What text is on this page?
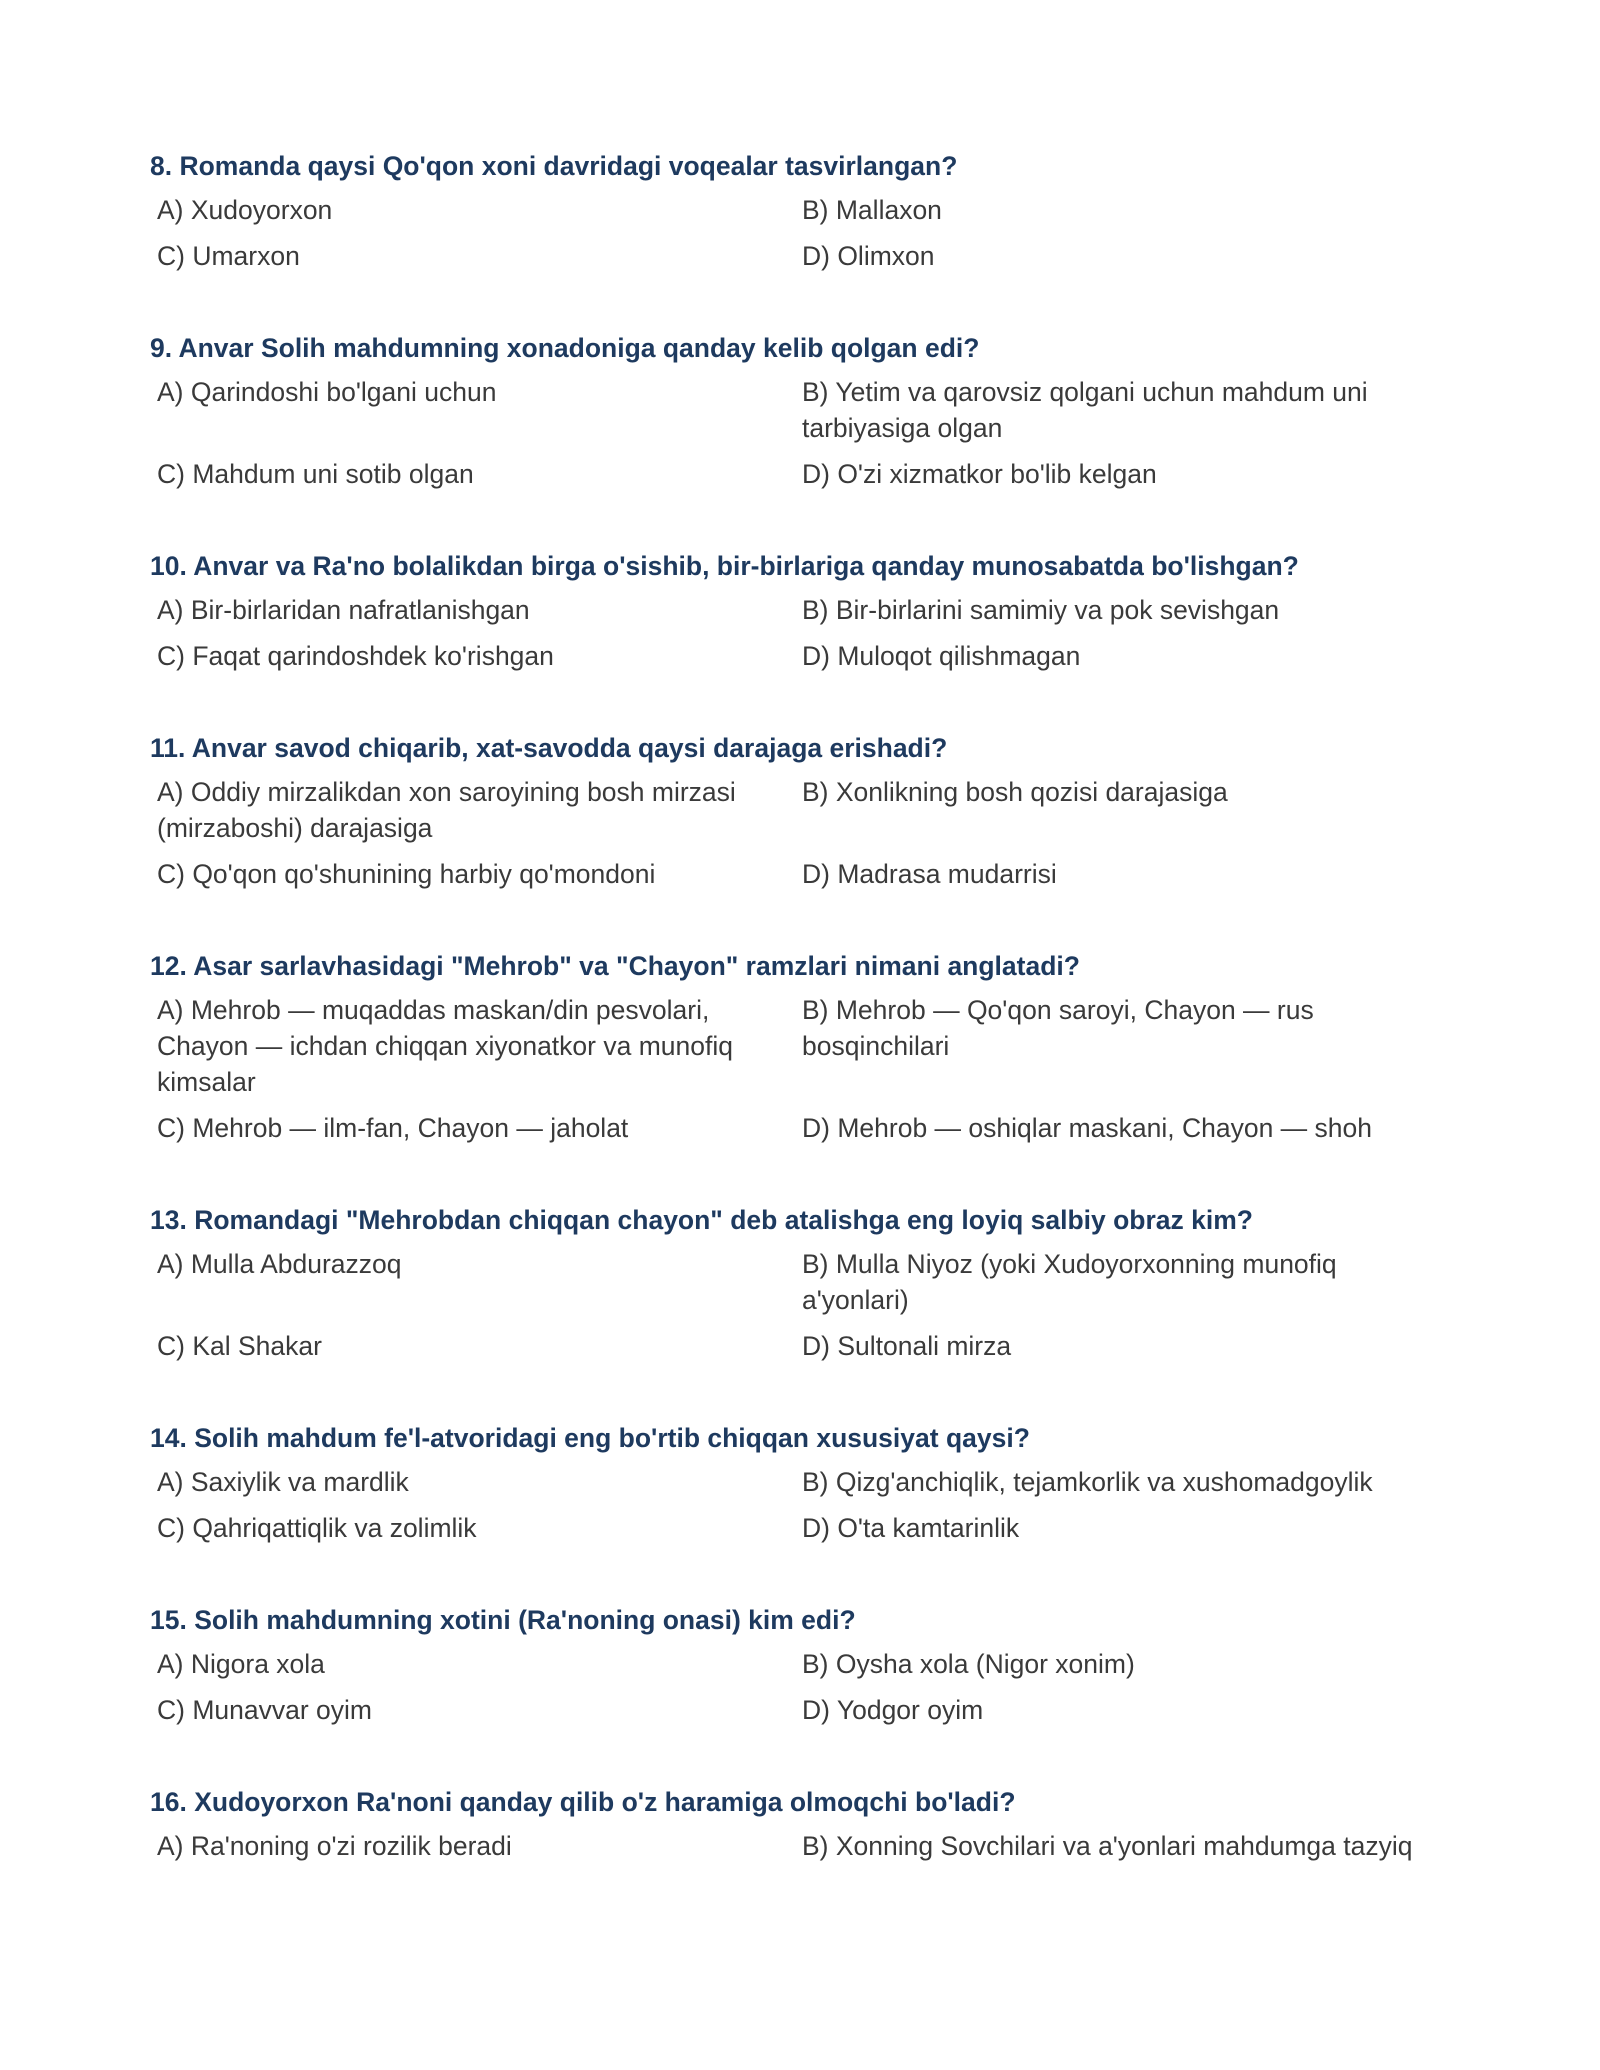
8. Romanda qaysi Qo'qon xoni davridagi voqealar tasvirlangan?
A) Xudoyorxon	B) Mallaxon
C) Umarxon	D) Olimxon
9. Anvar Solih mahdumning xonadoniga qanday kelib qolgan edi?
A) Qarindoshi bo'lgani uchun	B) Yetim va qarovsiz qolgani uchun mahdum uni tarbiyasiga olgan
C) Mahdum uni sotib olgan	D) O'zi xizmatkor bo'lib kelgan
10. Anvar va Ra'no bolalikdan birga o'sishib, bir-birlariga qanday munosabatda bo'lishgan?
A) Bir-birlaridan nafratlanishgan	B) Bir-birlarini samimiy va pok sevishgan
C) Faqat qarindoshdek ko'rishgan	D) Muloqot qilishmagan
11. Anvar savod chiqarib, xat-savodda qaysi darajaga erishadi?
A) Oddiy mirzalikdan xon saroyining bosh mirzasi (mirzaboshi) darajasiga
B) Xonlikning bosh qozisi darajasiga
C) Qo'qon qo'shunining harbiy qo'mondoni	D) Madrasa mudarrisi
12. Asar sarlavhasidagi "Mehrob" va "Chayon" ramzlari nimani anglatadi?
A) Mehrob — muqaddas maskan/din pesvolari, Chayon — ichdan chiqqan xiyonatkor va munofiq kimsalar
B) Mehrob — Qo'qon saroyi, Chayon — rus bosqinchilari
C) Mehrob — ilm-fan, Chayon — jaholat	D) Mehrob — oshiqlar maskani, Chayon — shoh
13. Romandagi "Mehrobdan chiqqan chayon" deb atalishga eng loyiq salbiy obraz kim?
A) Mulla Abdurazzoq	B) Mulla Niyoz (yoki Xudoyorxonning munofiq a'yonlari)
C) Kal Shakar	D) Sultonali mirza
14. Solih mahdum fe'l-atvoridagi eng bo'rtib chiqqan xususiyat qaysi?
A) Saxiylik va mardlik	B) Qizg'anchiqlik, tejamkorlik va xushomadgoylik
C) Qahriqattiqlik va zolimlik	D) O'ta kamtarinlik
15. Solih mahdumning xotini (Ra'noning onasi) kim edi?
A) Nigora xola	B) Oysha xola (Nigor xonim)
C) Munavvar oyim	D) Yodgor oyim
16. Xudoyorxon Ra'noni qanday qilib o'z haramiga olmoqchi bo'ladi?
A) Ra'noning o'zi rozilik beradi	B) Xonning Sovchilari va a'yonlari mahdumga tazyiq
